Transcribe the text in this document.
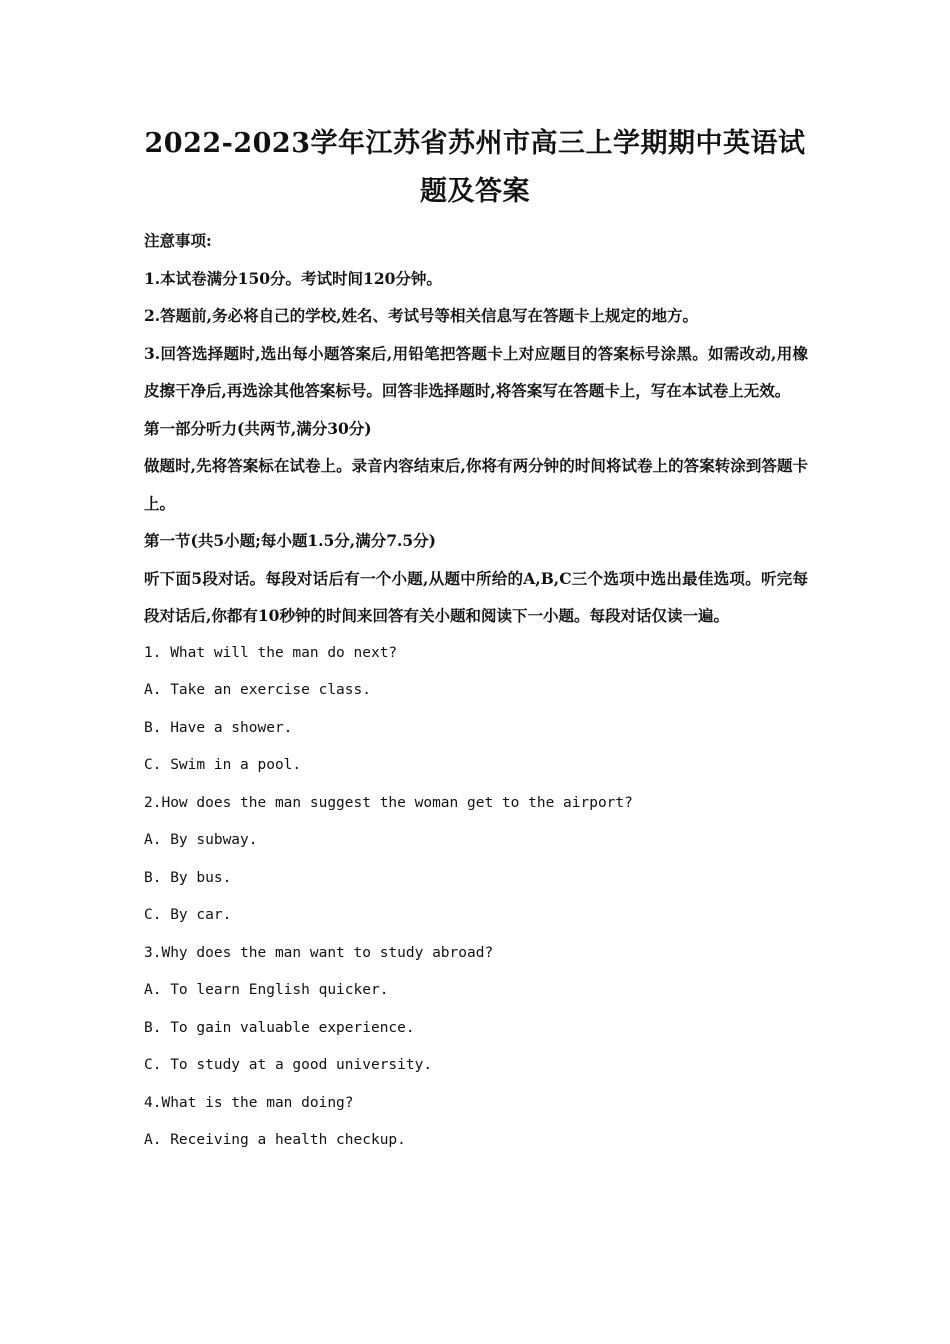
2022-2023学年江苏省苏州市高三上学期期中英语试题及答案

注意事项:

1.本试卷满分150分。考试时间120分钟。

2.答题前,务必将自己的学校,姓名、考试号等相关信息写在答题卡上规定的地方。

3.回答选择题时,选出每小题答案后,用铅笔把答题卡上对应题目的答案标号涂黑。如需改动,用橡皮擦干净后,再选涂其他答案标号。回答非选择题时,将答案写在答题卡上，写在本试卷上无效。

第一部分听力(共两节,满分30分)

做题时,先将答案标在试卷上。录音内容结束后,你将有两分钟的时间将试卷上的答案转涂到答题卡上。

第一节(共5小题;每小题1.5分,满分7.5分)

听下面5段对话。每段对话后有一个小题,从题中所给的A,B,C三个选项中选出最佳选项。听完每段对话后,你都有10秒钟的时间来回答有关小题和阅读下一小题。每段对话仅读一遍。

1. What will the man do next?

A. Take an exercise class.

B. Have a shower.

C. Swim in a pool.

2.How does the man suggest the woman get to the airport?

A. By subway.

B. By bus.

C. By car.

3.Why does the man want to study abroad?

A. To learn English quicker.

B. To gain valuable experience.

C. To study at a good university.

4.What is the man doing?

A. Receiving a health checkup.
